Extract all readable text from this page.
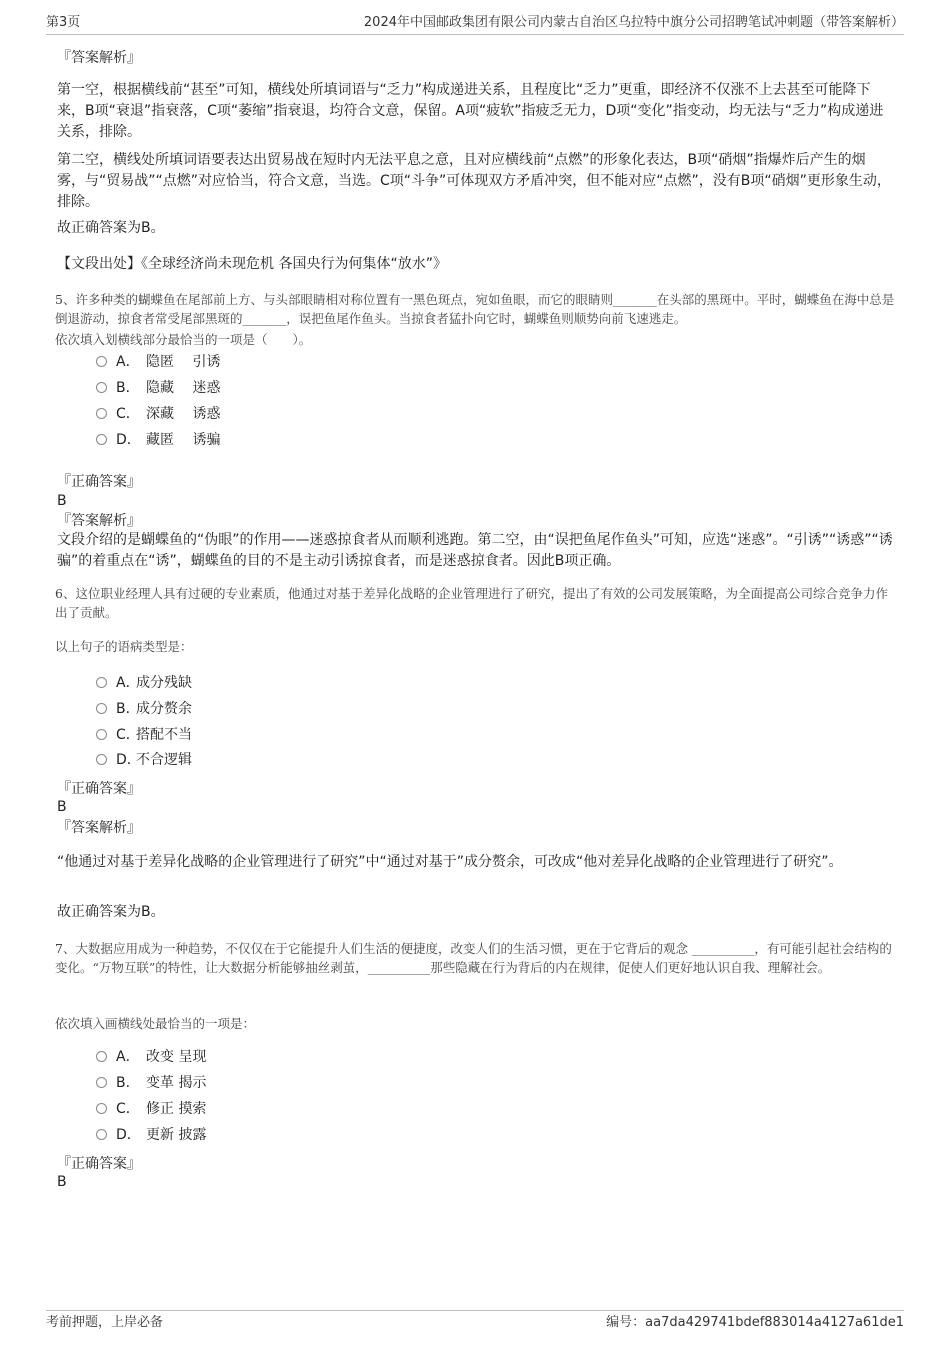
第3页	2024年中国邮政集团有限公司内蒙古自治区乌拉特中旗分公司招聘笔试冲刺题（带答案解析）
『答案解析』
第一空，根据横线前“甚至”可知，横线处所填词语与“乏力”构成递进关系，且程度比“乏力”更重，即经济不仅涨不上去甚至可能降下来，B项“衰退”指衰落，C项“萎缩”指衰退，均符合文意，保留。A项“疲软”指疲乏无力，D项“变化”指变动，均无法与“乏力”构成递进关系，排除。
第二空，横线处所填词语要表达出贸易战在短时内无法平息之意，且对应横线前“点燃”的形象化表达，B项“硝烟”指爆炸后产生的烟雾，与“贸易战”“点燃”对应恰当，符合文意，当选。C项“斗争”可体现双方矛盾冲突，但不能对应“点燃”，没有B项“硝烟”更形象生动，排除。
故正确答案为B。
【文段出处】《全球经济尚未现危机 各国央行为何集体“放水”》
5、许多种类的蝴蝶鱼在尾部前上方、与头部眼睛相对称位置有一黑色斑点，宛如鱼眼，而它的眼睛则_______在头部的黑斑中。平时，蝴蝶鱼在海中总是倒退游动，掠食者常受尾部黑斑的_______，误把鱼尾作鱼头。当掠食者猛扑向它时，蝴蝶鱼则顺势向前飞速逃走。
依次填入划横线部分最恰当的一项是（　　）。
A． 隐匿　 引诱
B． 隐藏　 迷惑
C． 深藏　 诱惑
D． 藏匿　 诱骗
『正确答案』
B
『答案解析』
文段介绍的是蝴蝶鱼的“伪眼”的作用——迷惑掠食者从而顺利逃跑。第二空，由“误把鱼尾作鱼头”可知，应选“迷惑”。“引诱”“诱惑”“诱骗”的着重点在“诱”，蝴蝶鱼的目的不是主动引诱掠食者，而是迷惑掠食者。因此B项正确。
6、这位职业经理人具有过硬的专业素质，他通过对基于差异化战略的企业管理进行了研究，提出了有效的公司发展策略，为全面提高公司综合竞争力作出了贡献。
以上句子的语病类型是：
A．成分残缺
B．成分赘余
C．搭配不当
D．不合逻辑
『正确答案』
B
『答案解析』
“他通过对基于差异化战略的企业管理进行了研究”中“通过对基于”成分赘余，可改成“他对差异化战略的企业管理进行了研究”。
故正确答案为B。
7、大数据应用成为一种趋势，不仅仅在于它能提升人们生活的便捷度，改变人们的生活习惯，更在于它背后的观念 __________，有可能引起社会结构的变化。“万物互联”的特性，让大数据分析能够抽丝剥茧，__________那些隐藏在行为背后的内在规律，促使人们更好地认识自我、理解社会。
依次填入画横线处最恰当的一项是：
A． 改变 呈现
B． 变革 揭示
C． 修正 摸索
D． 更新 披露
『正确答案』
B
考前押题，上岸必备	编号：aa7da429741bdef883014a4127a61de1
